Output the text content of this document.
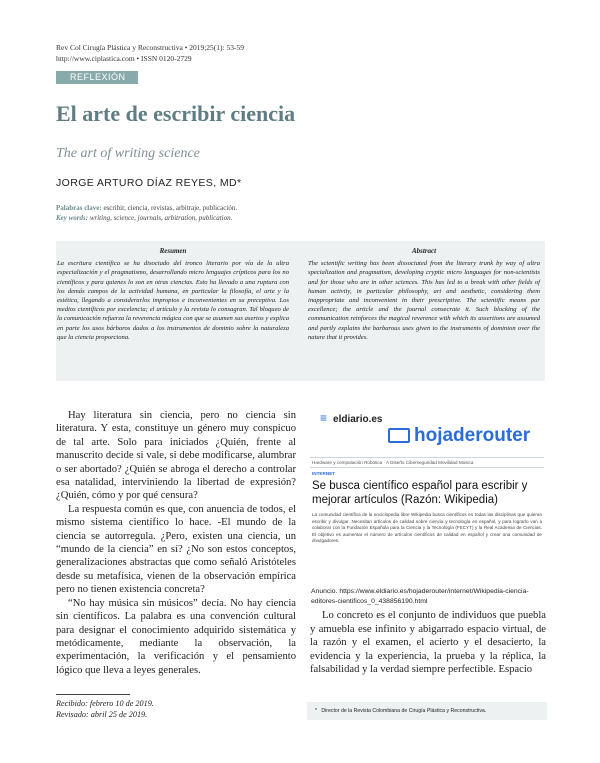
Rev Col Cirugía Plástica y Reconstructiva • 2019;25(1): 53-59
http://www.ciplastica.com • ISSN 0120-2729
REFLEXIÓN
El arte de escribir ciencia
The art of writing science
JORGE ARTURO DÍAZ REYES, MD*
Palabras clave: escribir, ciencia, revistas, arbitraje, publicación.
Key words: writing, science, journals, arbitration, publication.
Resumen
La escritura científica se ha disociado del tronco literario por vía de la ultra especialización y el pragmatismo, desarrollando micro lenguajes crípticos para los no científicos y para quienes lo son en otras ciencias. Esto ha llevado a una ruptura con los demás campos de la actividad humana, en particular la filosofía, el arte y la estética, llegando a considerarlos impropios e inconvenientes en su preceptiva. Los medios científicos por excelencia; el artículo y la revista lo consagran. Tal bloqueo de la comunicación refuerza la reverencia mágica con que se asumen sus asertos y explica en parte los usos bárbaros dados a los instrumentos de dominio sobre la naturaleza que la ciencia proporciona.
Abstract
The scientific writing has been dissociated from the literary trunk by way of ultra specialization and pragmatism, developing cryptic micro languages for non-scientists and for those who are in other sciences. This has led to a break with other fields of human activity, in particular philosophy, art and aesthetic, considering them inappropriate and inconvenient in their prescriptive. The scientific means par excellence; the article and the journal consecrate it. Such blocking of the communication reinforces the magical reverence with which its assertions are assumed and partly explains the barbarous uses given to the instruments of dominion over the nature that it provides.

Hay literatura sin ciencia, pero no ciencia sin literatura. Y esta, constituye un género muy conspicuo de tal arte. Solo para iniciados ¿Quién, frente al manuscrito decide si vale, si debe modificarse, alumbrar o ser abortado? ¿Quién se abroga el derecho a controlar esa natalidad, interviniendo la libertad de expresión? ¿Quién, cómo y por qué censura?

La respuesta común es que, con anuencia de todos, el mismo sistema científico lo hace. -El mundo de la ciencia se autorregula. ¿Pero, existen una ciencia, un “mundo de la ciencia” en sí? ¿No son estos conceptos, generalizaciones abstractas que como señaló Aristóteles desde su metafísica, vienen de la observación empírica pero no tienen existencia concreta?

“No hay música sin músicos” decía. No hay ciencia sin científicos. La palabra es una convención cultural para designar el conocimiento adquirido sistemática y metódicamente, mediante la observación, la experimentación, la verificación y el pensamiento lógico que lleva a leyes generales.

≡ eldiario.es
hojaderouter
Hardware y computación Robótica · A Diseño Ciberseguridad Movilidad Música
INTERNET
Se busca científico español para escribir y mejorar artículos (Razón: Wikipedia)
La comunidad científica de la enciclopedia libre Wikipedia busca científicos en todas las disciplinas que quieran escribir y divulgar. Necesitan artículos de calidad sobre ciencia y tecnología en español, y para lograrlo van a colaborar con la Fundación Española para la Ciencia y la Tecnología (FECYT) y la Real Academia de Ciencias. El objetivo es aumentar el número de artículos científicos de calidad en español y crear una comunidad de divulgadores.
Anuncio. https://www.eldiario.es/hojaderouter/internet/Wikipedia-ciencia-editores-cientificos_0_438856190.html
Lo concreto es el conjunto de individuos que puebla y amuebla ese infinito y abigarrado espacio virtual, de la razón y el examen, el acierto y el desacierto, la evidencia y la experiencia, la prueba y la réplica, la falsabilidad y la verdad siempre perfectible. Espacio
*   Director de la Revista Colombiana de Cirugía Plástica y Reconstructiva.
Recibido: febrero 10 de 2019.
Revisado: abril 25 de 2019.
